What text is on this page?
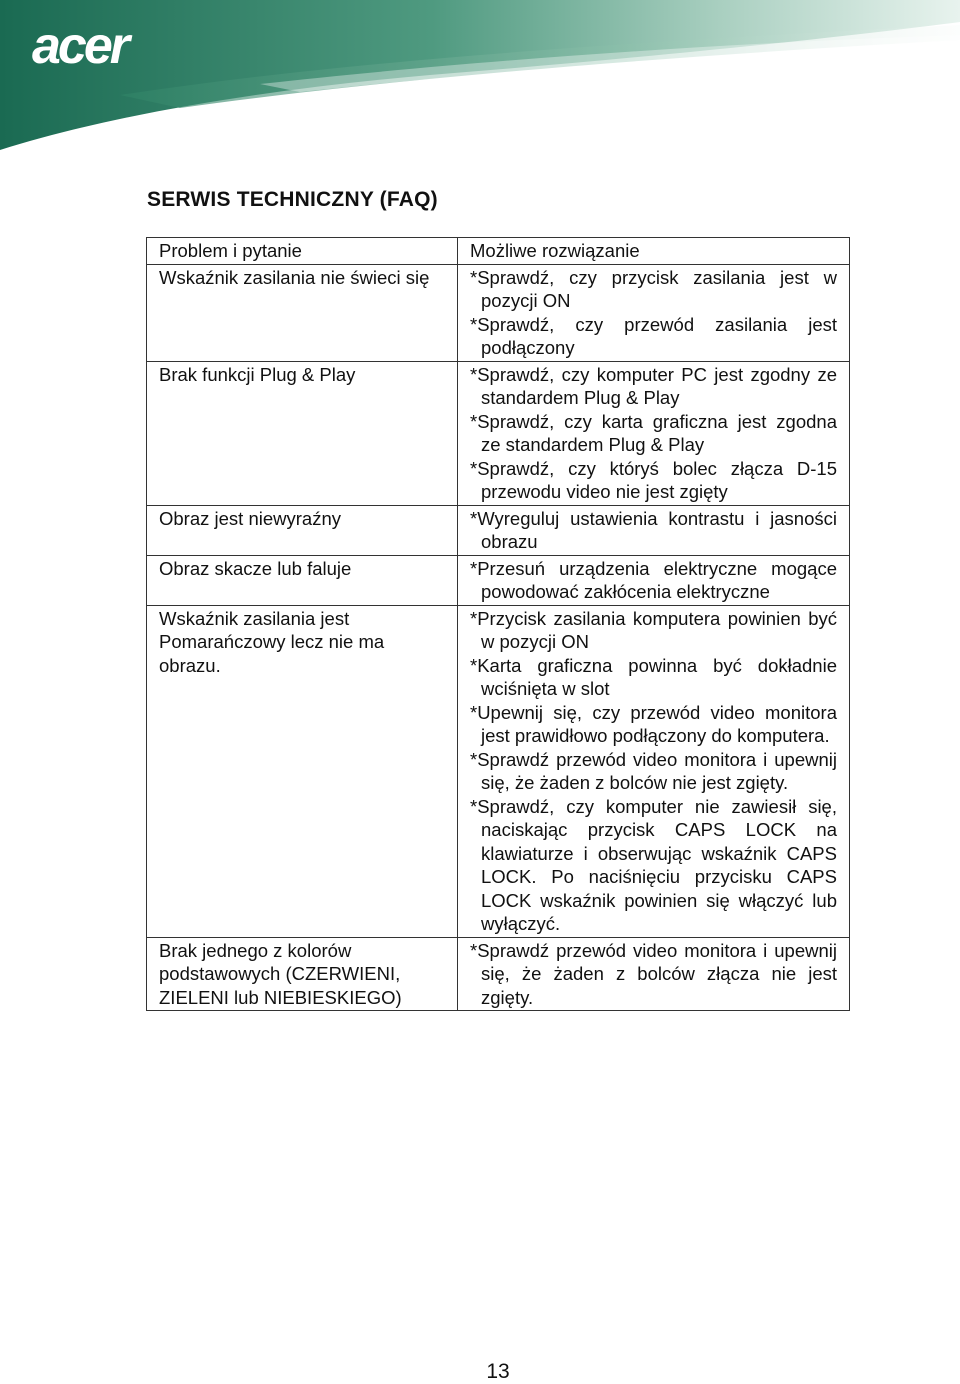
acer
SERWIS TECHNICZNY (FAQ)
Problem i pytanie	Możliwe rozwiązanie
Wskaźnik zasilania nie świeci się	*Sprawdź, czy przycisk zasilania jest w pozycji ON
*Sprawdź, czy przewód zasilania jest podłączony

Brak funkcji Plug & Play	*Sprawdź, czy komputer PC jest zgodny ze standardem Plug & Play
*Sprawdź, czy karta graficzna jest zgodna ze standardem Plug & Play
*Sprawdź, czy któryś bolec złącza D-15 przewodu video nie jest zgięty

Obraz jest niewyraźny	*Wyreguluj ustawienia kontrastu i jasności obrazu

Obraz skacze lub faluje	*Przesuń urządzenia elektryczne mogące powodować zakłócenia elektryczne

Wskaźnik zasilania jest Pomarańczowy lecz nie ma obrazu.	*Przycisk zasilania komputera powinien być w pozycji ON
*Karta graficzna powinna być dokładnie wciśnięta w slot
*Upewnij się, czy przewód video monitora jest prawidłowo podłączony do komputera.
*Sprawdź przewód video monitora i upewnij się, że żaden z bolców nie jest zgięty.
*Sprawdź, czy komputer nie zawiesił się, naciskając przycisk CAPS LOCK na klawiaturze i obserwując wskaźnik CAPS LOCK. Po naciśnięciu przycisku CAPS LOCK wskaźnik powinien się włączyć lub wyłączyć.

Brak jednego z kolorów podstawowych (CZERWIENI, ZIELENI lub NIEBIESKIEGO)	*Sprawdź przewód video monitora i upewnij się, że żaden z bolców złącza nie jest zgięty.
13
